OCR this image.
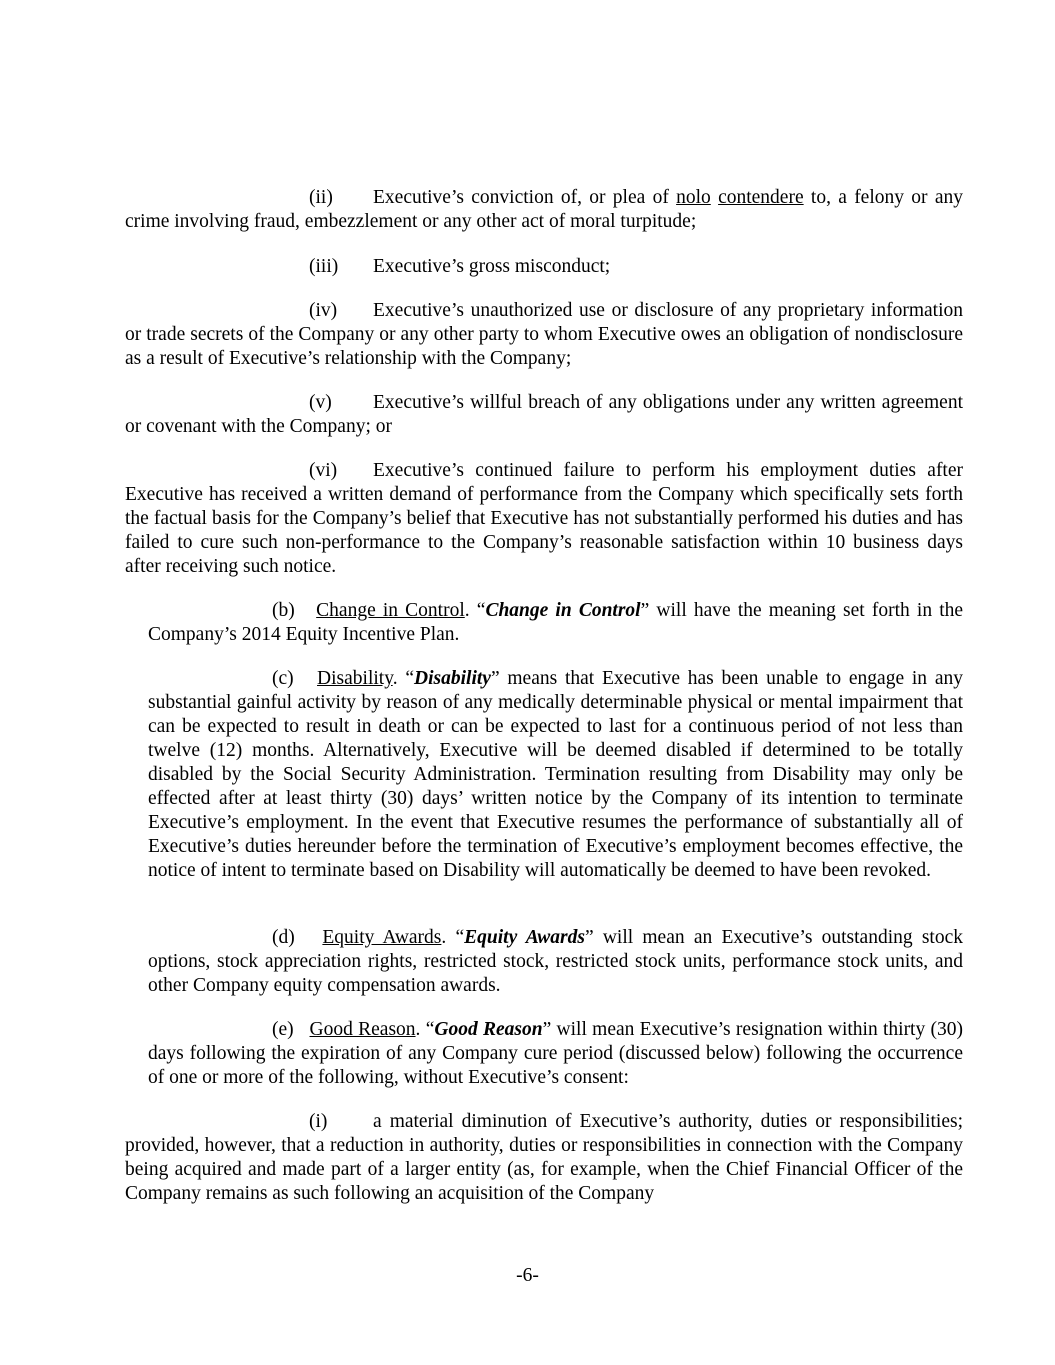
(ii) Executive’s conviction of, or plea of nolo contendere to, a felony or any crime involving fraud, embezzlement or any other act of moral turpitude;

(iii) Executive’s gross misconduct;

(iv) Executive’s unauthorized use or disclosure of any proprietary information or trade secrets of the Company or any other party to whom Executive owes an obligation of nondisclosure as a result of Executive’s relationship with the Company;

(v) Executive’s willful breach of any obligations under any written agreement or covenant with the Company; or

(vi) Executive’s continued failure to perform his employment duties after Executive has received a written demand of performance from the Company which specifically sets forth the factual basis for the Company’s belief that Executive has not substantially performed his duties and has failed to cure such non-performance to the Company’s reasonable satisfaction within 10 business days after receiving such notice.

(b) Change in Control. “Change in Control” will have the meaning set forth in the Company’s 2014 Equity Incentive Plan.

(c) Disability. “Disability” means that Executive has been unable to engage in any substantial gainful activity by reason of any medically determinable physical or mental impairment that can be expected to result in death or can be expected to last for a continuous period of not less than twelve (12) months. Alternatively, Executive will be deemed disabled if determined to be totally disabled by the Social Security Administration. Termination resulting from Disability may only be effected after at least thirty (30) days’ written notice by the Company of its intention to terminate Executive’s employment. In the event that Executive resumes the performance of substantially all of Executive’s duties hereunder before the termination of Executive’s employment becomes effective, the notice of intent to terminate based on Disability will automatically be deemed to have been revoked.

(d) Equity Awards. “Equity Awards” will mean an Executive’s outstanding stock options, stock appreciation rights, restricted stock, restricted stock units, performance stock units, and other Company equity compensation awards.

(e) Good Reason. “Good Reason” will mean Executive’s resignation within thirty (30) days following the expiration of any Company cure period (discussed below) following the occurrence of one or more of the following, without Executive’s consent:

(i) a material diminution of Executive’s authority, duties or responsibilities; provided, however, that a reduction in authority, duties or responsibilities in connection with the Company being acquired and made part of a larger entity (as, for example, when the Chief Financial Officer of the Company remains as such following an acquisition of the Company

-6-
